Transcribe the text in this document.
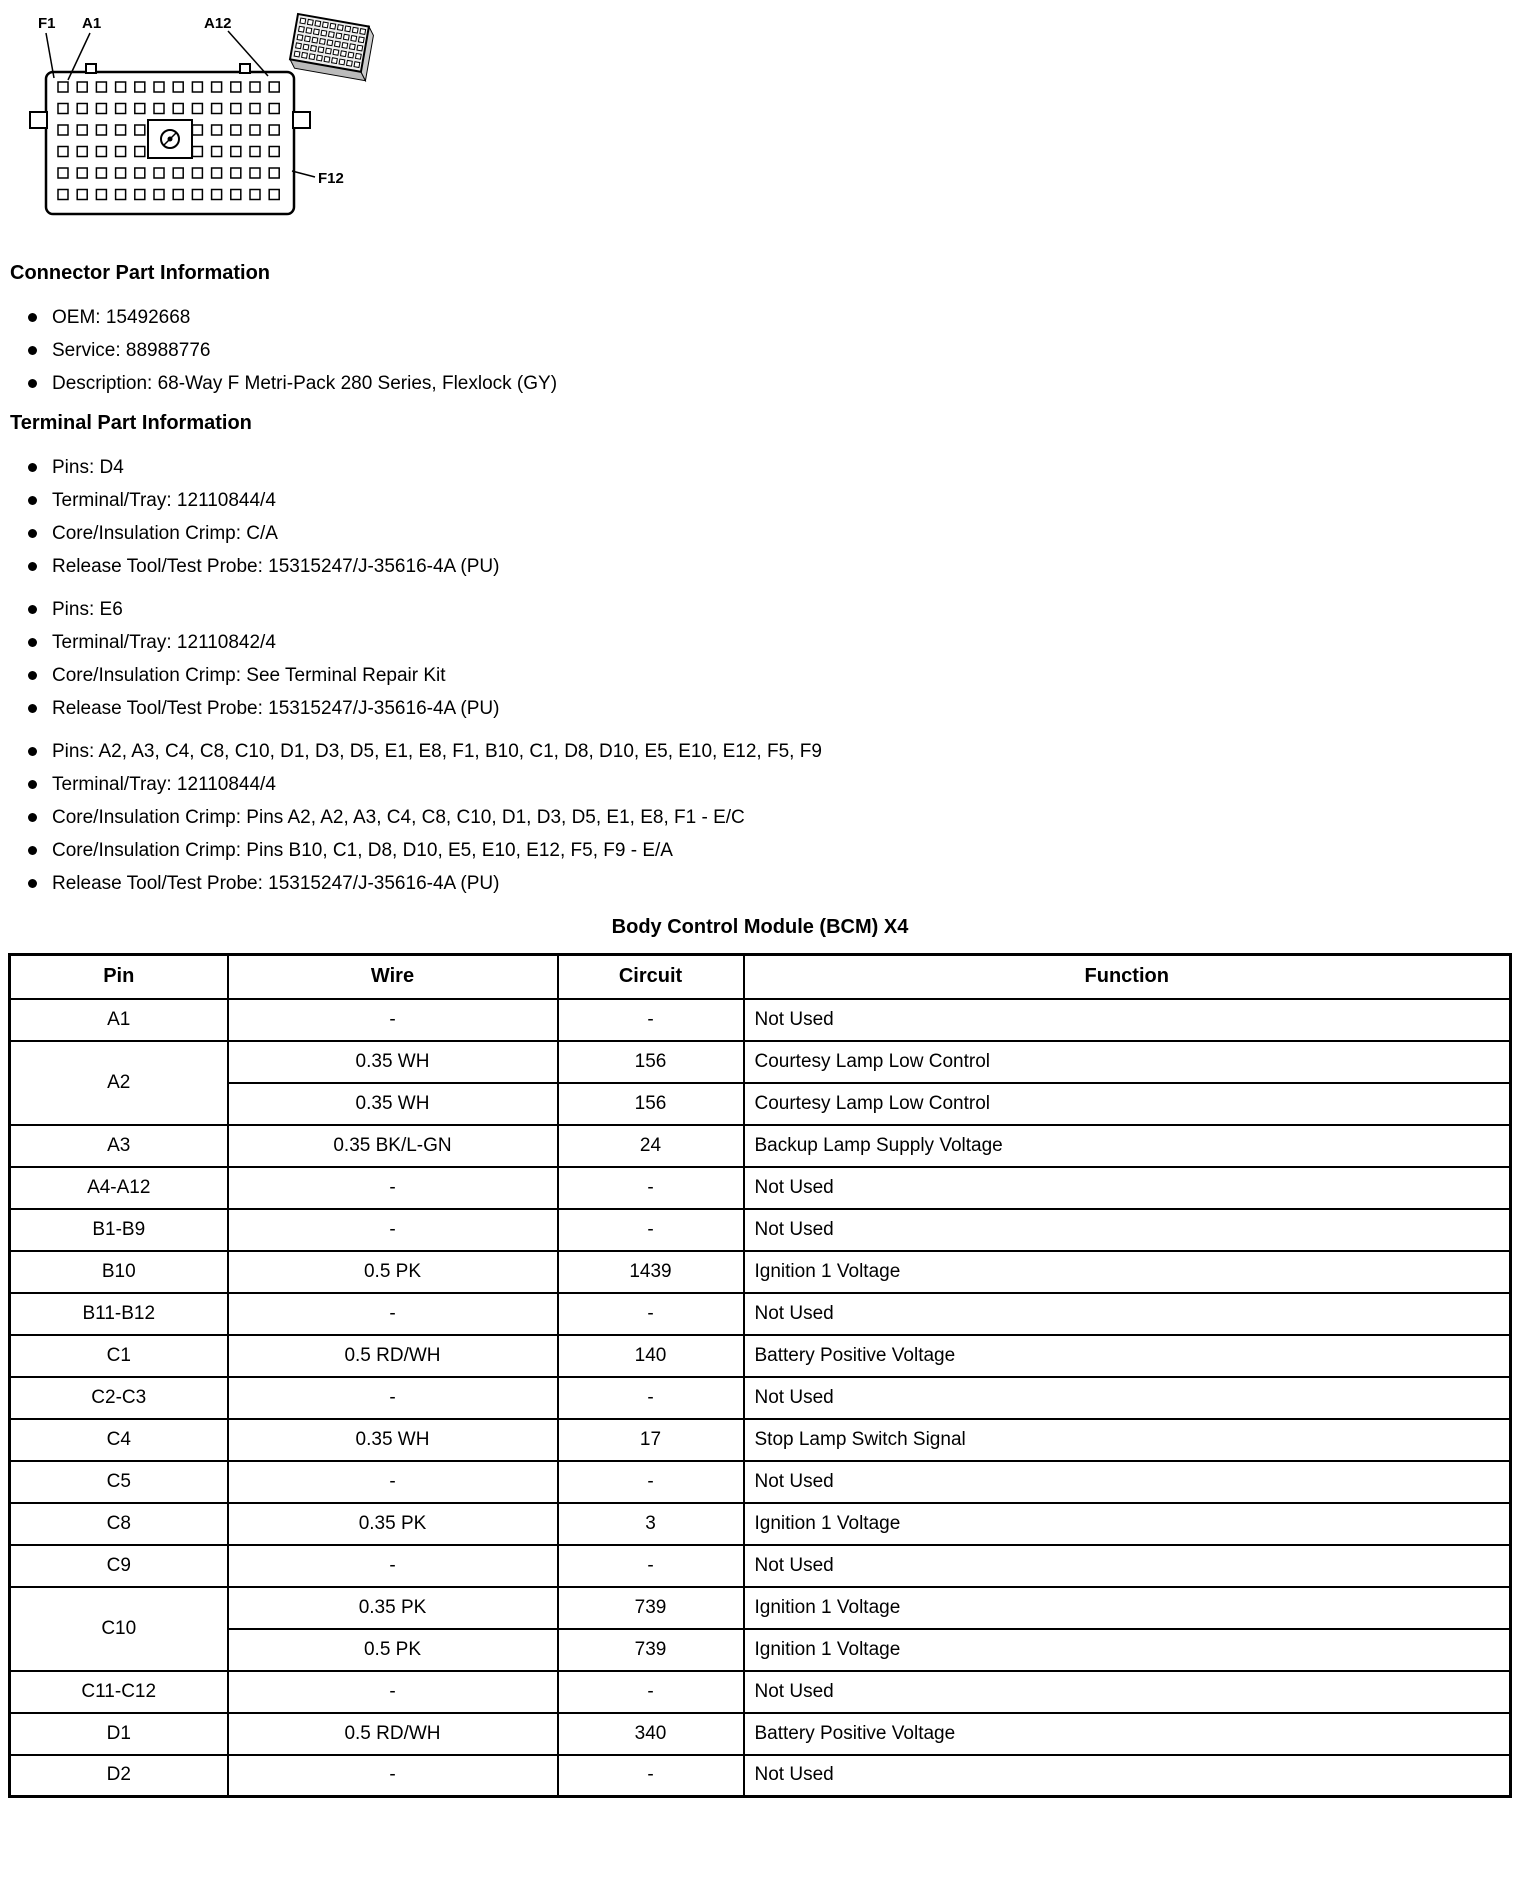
F1 A1	A12
F12
Connector Part Information
OEM: 15492668
Service: 88988776
Description: 68-Way F Metri-Pack 280 Series, Flexlock (GY)
Terminal Part Information
Pins: D4
Terminal/Tray: 12110844/4
Core/Insulation Crimp: C/A
Release Tool/Test Probe: 15315247/J-35616-4A (PU)
Pins: E6
Terminal/Tray: 12110842/4
Core/Insulation Crimp: See Terminal Repair Kit
Release Tool/Test Probe: 15315247/J-35616-4A (PU)
Pins: A2, A3, C4, C8, C10, D1, D3, D5, E1, E8, F1, B10, C1, D8, D10, E5, E10, E12, F5, F9
Terminal/Tray: 12110844/4
Core/Insulation Crimp: Pins A2, A2, A3, C4, C8, C10, D1, D3, D5, E1, E8, F1 - E/C
Core/Insulation Crimp: Pins B10, C1, D8, D10, E5, E10, E12, F5, F9 - E/A
Release Tool/Test Probe: 15315247/J-35616-4A (PU)
Body Control Module (BCM) X4
Pin	Wire	Circuit	Function
A1	-	-	Not Used
A2	0.35 WH	156	Courtesy Lamp Low Control
	0.35 WH	156	Courtesy Lamp Low Control
A3	0.35 BK/L-GN	24	Backup Lamp Supply Voltage
A4-A12	-	-	Not Used
B1-B9	-	-	Not Used
B10	0.5 PK	1439	Ignition 1 Voltage
B11-B12	-	-	Not Used
C1	0.5 RD/WH	140	Battery Positive Voltage
C2-C3	-	-	Not Used
C4	0.35 WH	17	Stop Lamp Switch Signal
C5	-	-	Not Used
C8	0.35 PK	3	Ignition 1 Voltage
C9	-	-	Not Used
C10	0.35 PK	739	Ignition 1 Voltage
	0.5 PK	739	Ignition 1 Voltage
C11-C12	-	-	Not Used
D1	0.5 RD/WH	340	Battery Positive Voltage
D2	-	-	Not Used
